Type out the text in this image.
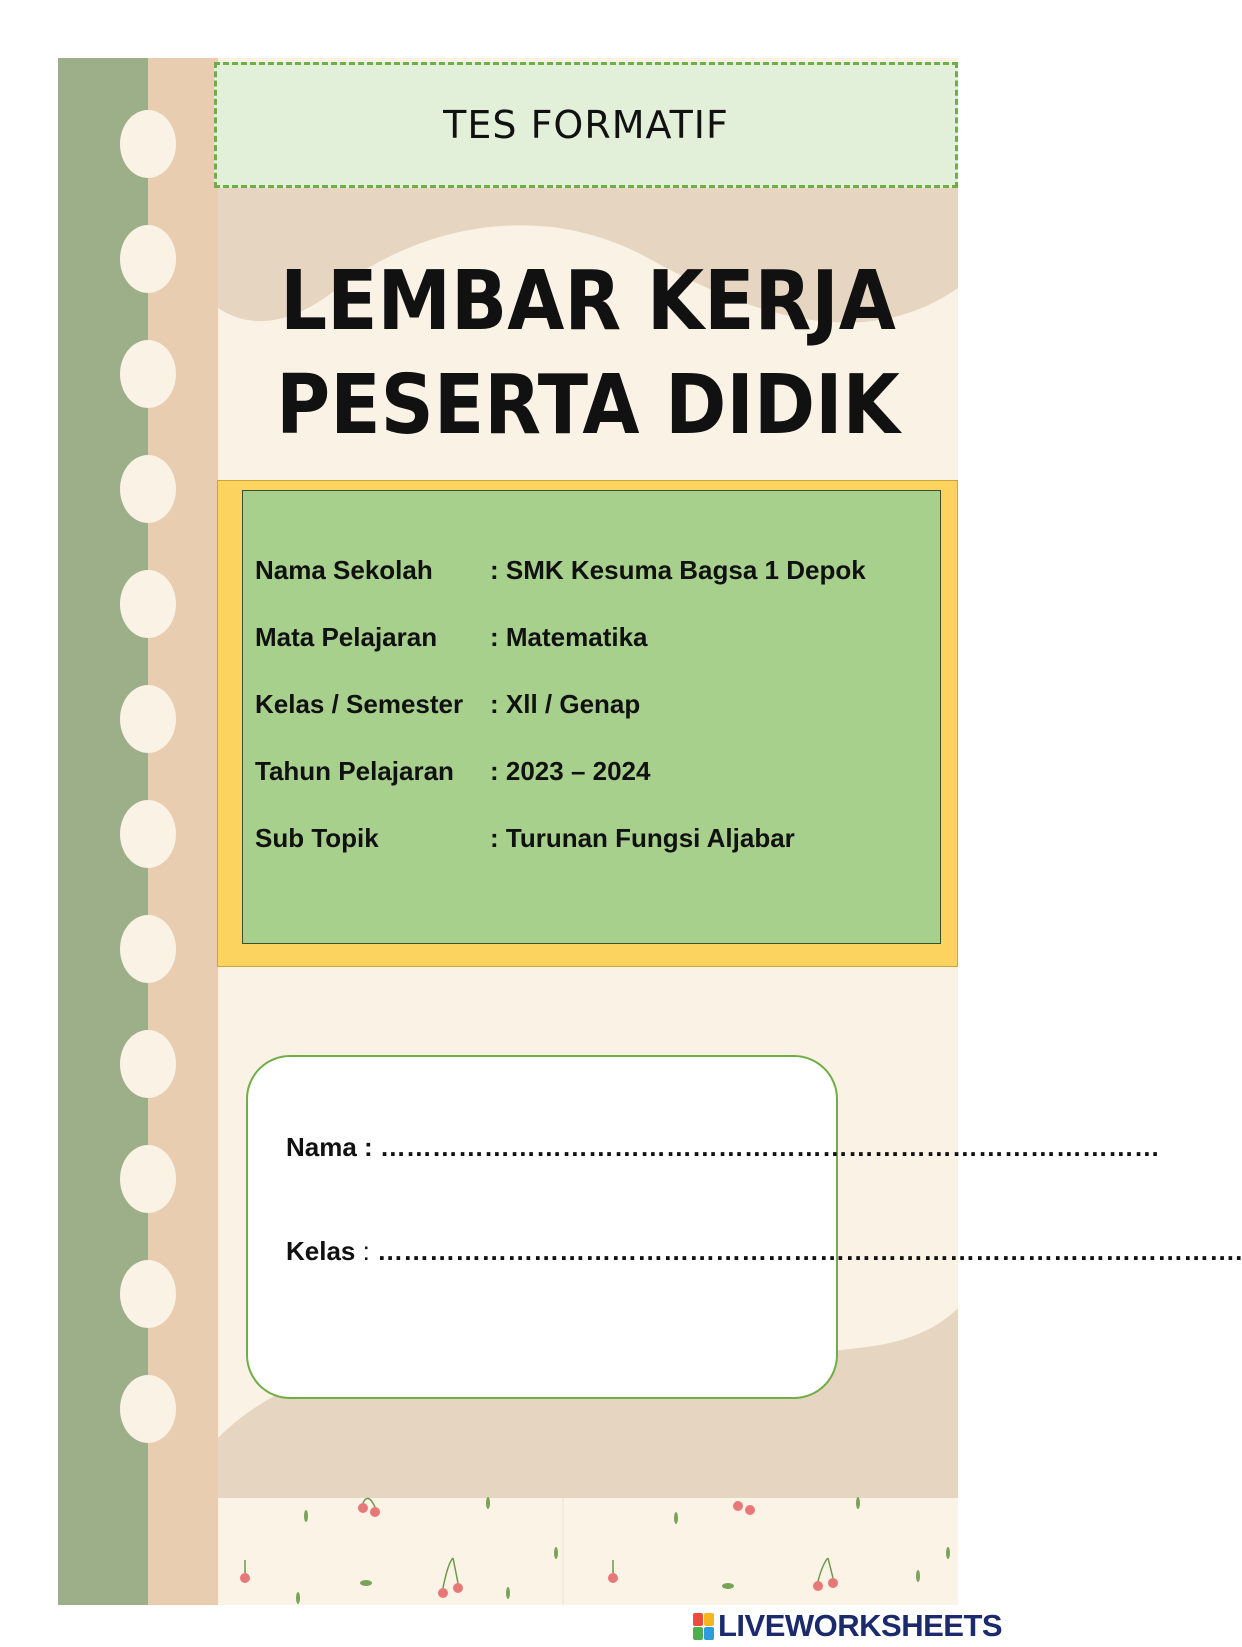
TES FORMATIF
LEMBAR KERJA
PESERTA DIDIK
Nama Sekolah : SMK Kesuma Bagsa 1 Depok
Mata Pelajaran : Matematika
Kelas / Semester : Xll / Genap
Tahun Pelajaran : 2023 – 2024
Sub Topik	: Turunan Fungsi Aljabar
Nama : ………………………………………………………………………………
Kelas : ……………………………………………………………………………………….
LIVEWORKSHEETS
